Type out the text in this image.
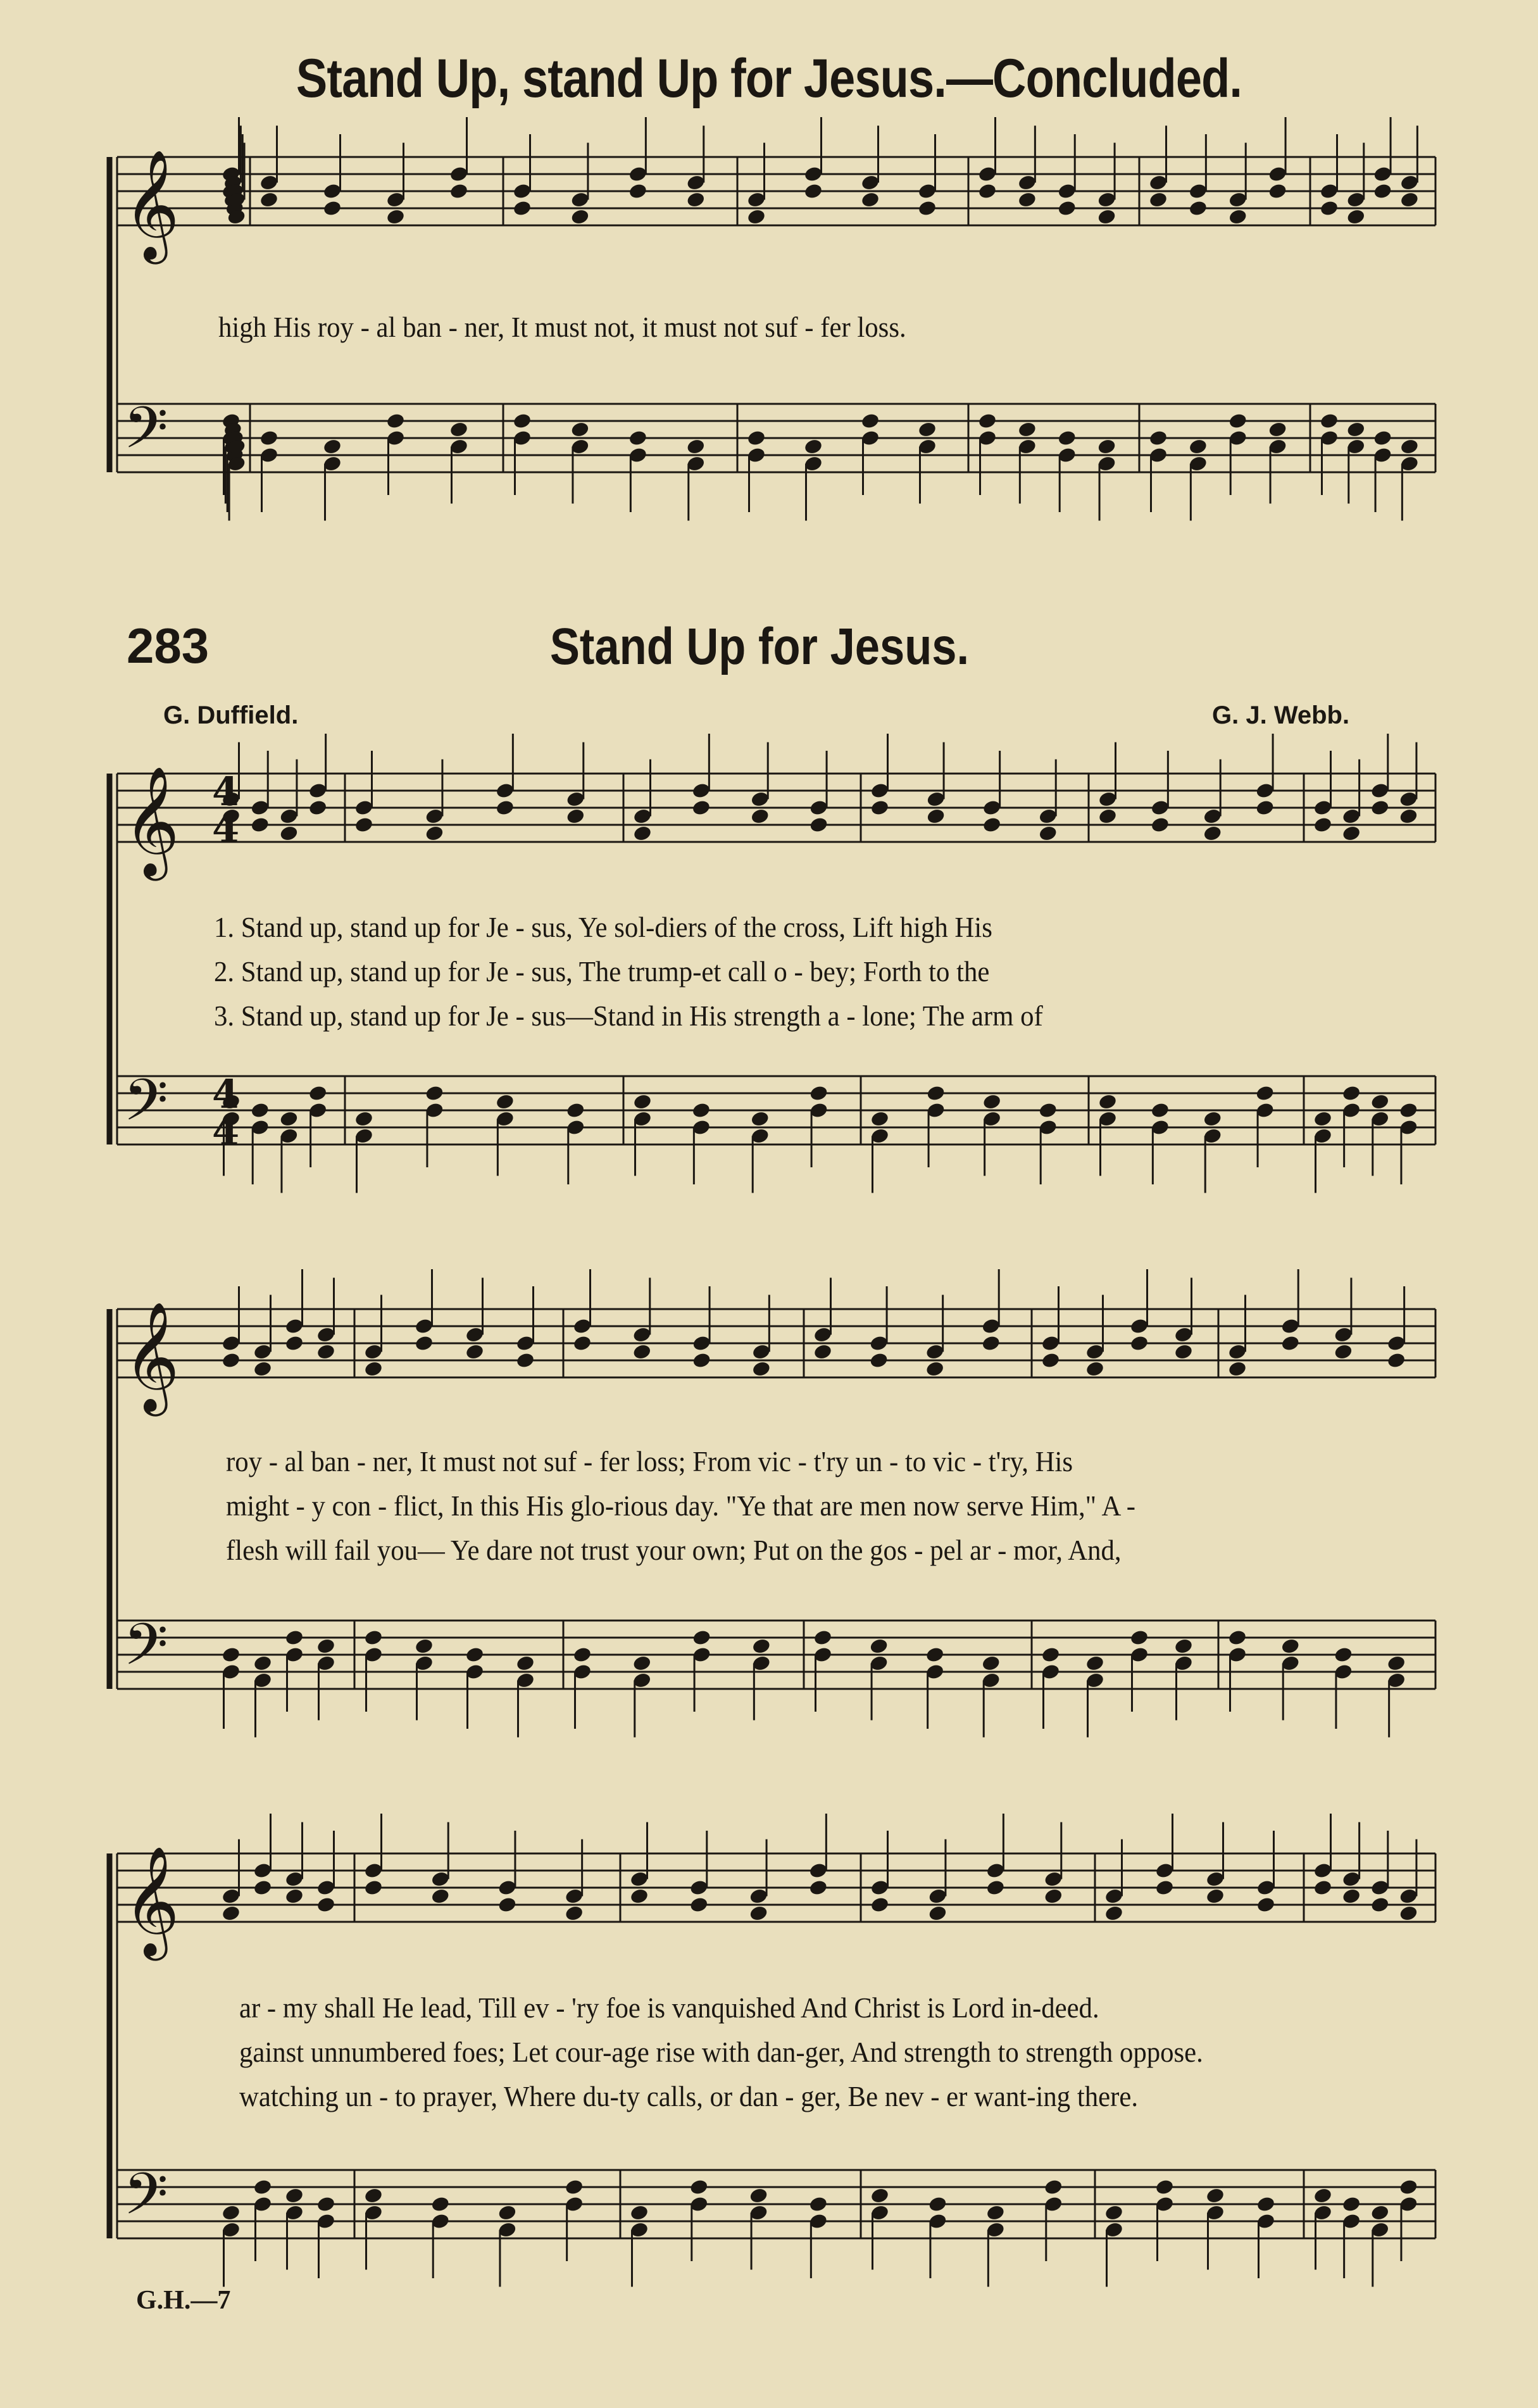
𝄞
𝄢
𝄞
𝄢
𝄞
𝄢
𝄞
𝄢
4
4
4
4
Stand Up, stand Up for Jesus.—Concluded.
high His roy - al ban - ner, It must not, it must not suf - fer loss.
283	Stand Up for Jesus.
G. Duffield.	G. J. Webb.
1. Stand up, stand up for Je - sus, Ye sol-diers of the cross, Lift high His
2. Stand up, stand up for Je - sus, The trump-et call o - bey; Forth to the
3. Stand up, stand up for Je - sus—Stand in His strength a - lone; The arm of
roy - al ban - ner, It must not suf - fer loss; From vic - t'ry un - to vic - t'ry, His
might - y con - flict, In this His glo-rious day. "Ye that are men now serve Him," A -
flesh will fail you— Ye dare not trust your own; Put on the gos - pel ar - mor, And,
ar - my shall He lead, Till ev - 'ry foe is vanquished And Christ is Lord in-deed.
gainst unnumbered foes; Let cour-age rise with dan-ger, And strength to strength oppose.
watching un - to prayer, Where du-ty calls, or dan - ger, Be nev - er want-ing there.
G.H.—7
